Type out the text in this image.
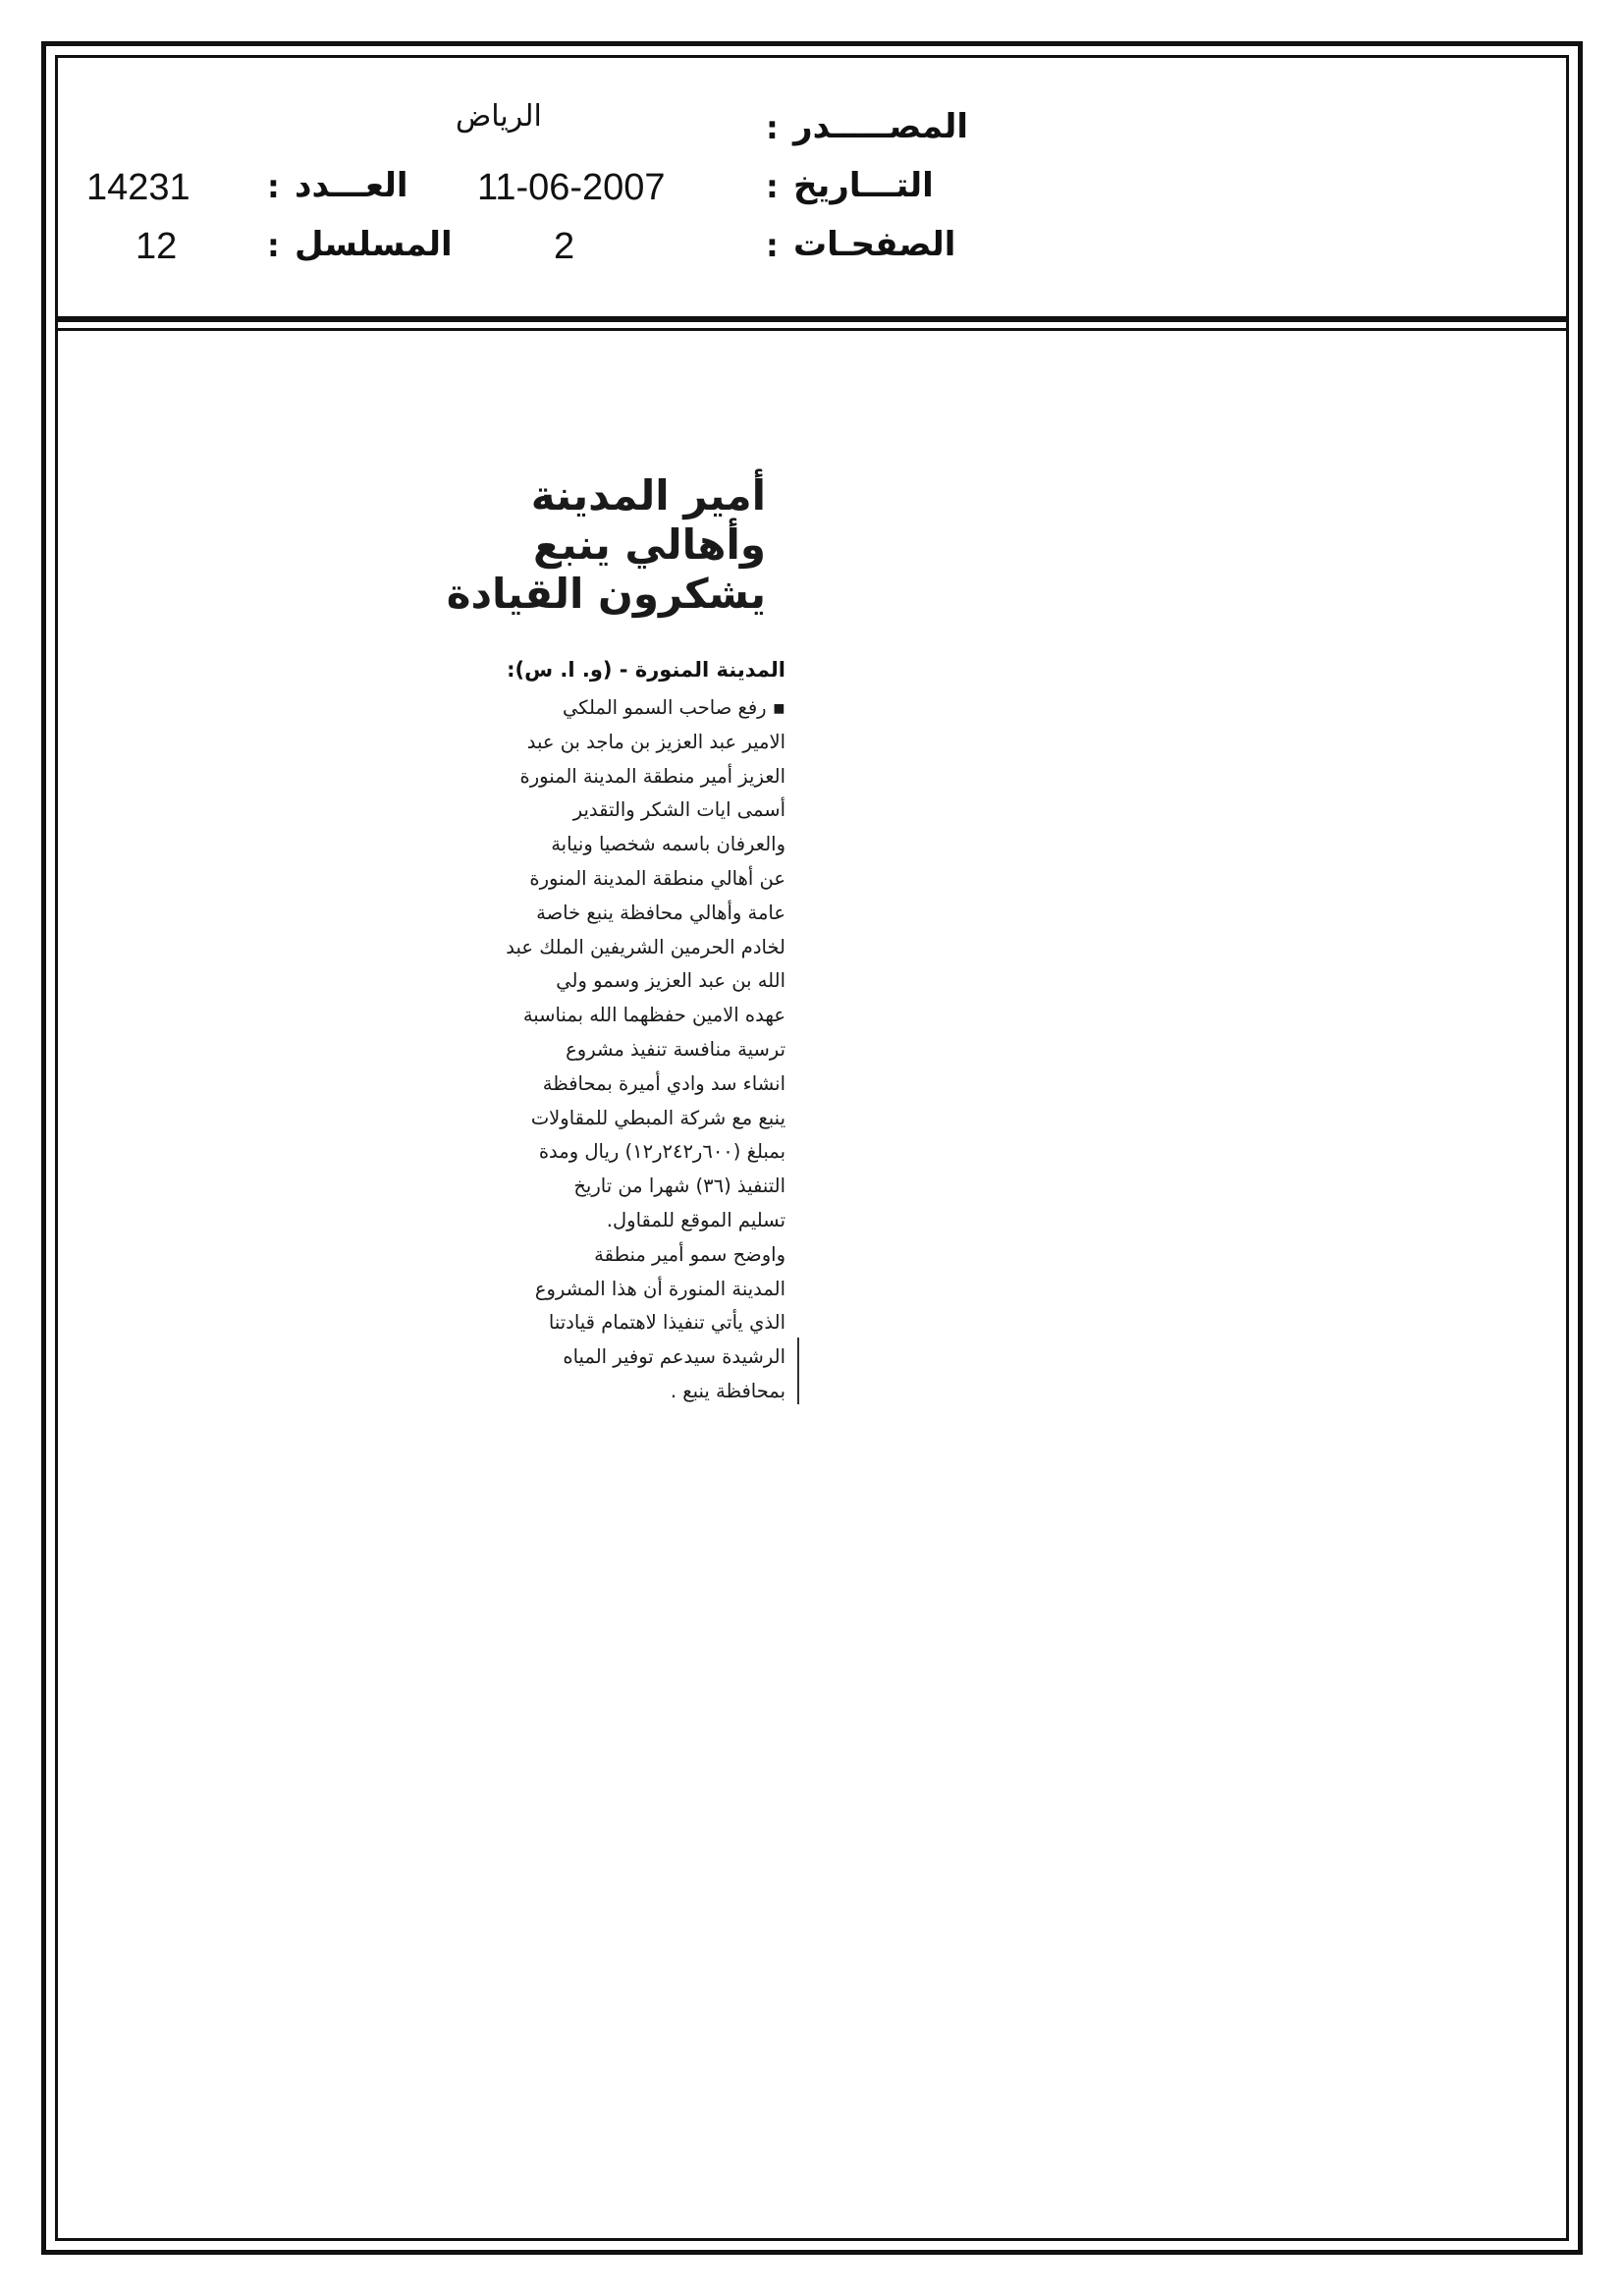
المصـــــدر
:
الرياض
التـــاريخ
:
11-06-2007
الصفحـات
:
2
العـــدد
:
14231
المسلسل
:
12
أمير المدينة
وأهالي ينبع
يشكرون القيادة
المدينة المنورة - (و. ا. س):
▪ رفع صاحب السمو الملكي
الامير عبد العزيز بن ماجد بن عبد
العزيز أمير منطقة المدينة المنورة
أسمى ايات الشكر والتقدير
والعرفان باسمه شخصيا ونيابة
عن أهالي منطقة المدينة المنورة
عامة وأهالي محافظة ينبع خاصة
لخادم الحرمين الشريفين الملك عبد
الله بن عبد العزيز وسمو ولي
عهده الامين حفظهما الله بمناسبة
ترسية منافسة تنفيذ مشروع
انشاء سد وادي أميرة بمحافظة
ينبع مع شركة المبطي للمقاولات
بمبلغ (٦٠٠ر٢٤٢ر١٢) ريال ومدة
التنفيذ (٣٦) شهرا من تاريخ
تسليم الموقع للمقاول.
واوضح سمو أمير منطقة
المدينة المنورة أن هذا المشروع
الذي يأتي تنفيذا لاهتمام قيادتنا
الرشيدة سيدعم توفير المياه
بمحافظة ينبع .
